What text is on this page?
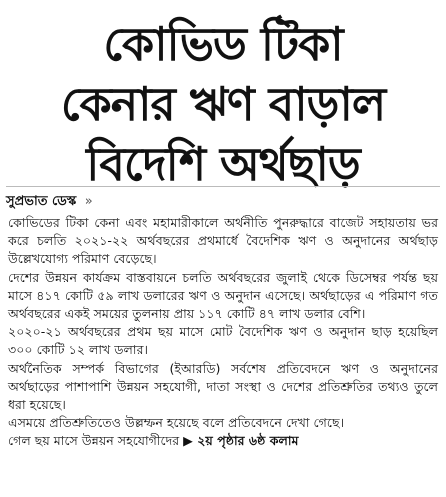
কোভিড টিকা
কেনার ঋণ বাড়াল
বিদেশি অর্থছাড়
সুপ্রভাত ডেস্ক »

কোভিডের টিকা কেনা এবং মহামারীকালে অর্থনীতি পুনরুদ্ধারে বাজেট সহায়তায় ভর করে চলতি ২০২১-২২ অর্থবছরের প্রথমার্ধে বৈদেশিক ঋণ ও অনুদানের অর্থছাড় উল্লেখযোগ্য পরিমাণ বেড়েছে।

দেশের উন্নয়ন কার্যক্রম বাস্তবায়নে চলতি অর্থবছরের জুলাই থেকে ডিসেম্বর পর্যন্ত ছয় মাসে ৪১৭ কোটি ৫৯ লাখ ডলারের ঋণ ও অনুদান এসেছে। অর্থছাড়ের এ পরিমাণ গত অর্থবছরের একই সময়ের তুলনায় প্রায় ১১৭ কোটি ৪৭ লাখ ডলার বেশি।

২০২০-২১ অর্থবছরের প্রথম ছয় মাসে মোট বৈদেশিক ঋণ ও অনুদান ছাড় হয়েছিল ৩০০ কোটি ১২ লাখ ডলার।

অর্থনৈতিক সম্পর্ক বিভাগের (ইআরডি) সর্বশেষ প্রতিবেদনে ঋণ ও অনুদানের অর্থছাড়ের পাশাপাশি উন্নয়ন সহযোগী, দাতা সংস্থা ও দেশের প্রতিশ্রুতির তথ্যও তুলে ধরা হয়েছে।

এসময়ে প্রতিশ্রুতিতেও উল্লম্ফন হয়েছে বলে প্রতিবেদনে দেখা গেছে।

গেল ছয় মাসে উন্নয়ন সহযোগীদের ▶ ২য় পৃষ্ঠার ৬ষ্ঠ কলাম
